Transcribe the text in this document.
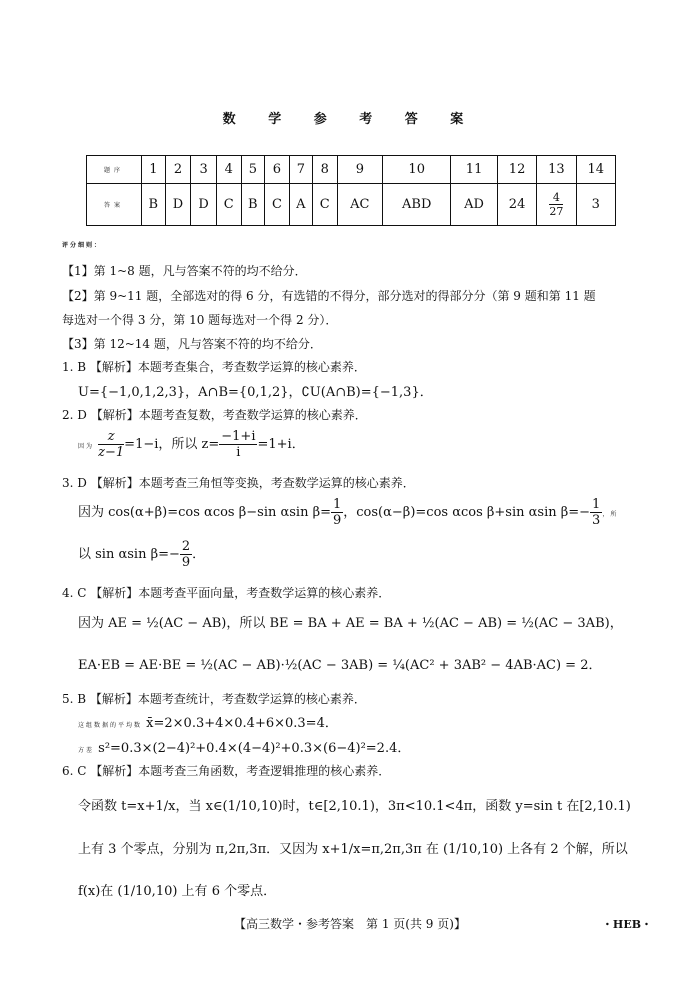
数 学 参 考 答 案
题序	1	2	3	4	5	6	7	8	9	10	11	12	13	14
答案	B	D	D	C	B	C	A	C	AC	ABD	AD	24	$\frac{4}{27}$	3
评分细则：
【1】第 1~8 题，凡与答案不符的均不给分．
【2】第 9~11 题，全部选对的得 6 分，有选错的不得分，部分选对的得部分分（第 9 题和第 11 题
每选对一个得 3 分，第 10 题每选对一个得 2 分）．
【3】第 12~14 题，凡与答案不符的均不给分．
1. B 【解析】本题考查集合，考查数学运算的核心素养．
U={−1,0,1,2,3}，A∩B={0,1,2}，∁U(A∩B)={−1,3}．
2. D 【解析】本题考查复数，考查数学运算的核心素养．
因为 $\frac{z}{z-1} =1-i$，所以 $z= \frac{-1+i}{i} =1+i$．
3. D 【解析】本题考查三角恒等变换，考查数学运算的核心素养．
因为 cos(α+β)=cos αcos β−sin αsin $\beta= \frac{1}{9}$ ，cos(α−β)=cos αcos β+sin αsin $\beta=- \frac{1}{3}$ ，所
以 sin αsin $\beta=- \frac{2}{9}$ ．
4. C 【解析】本题考查平面向量，考查数学运算的核心素养．
因为 AE = ½(AC − AB)，所以 BE = BA + AE = BA + ½(AC − AB) = ½(AC − 3AB)，
EA·EB = AE·BE = ½(AC − AB)·½(AC − 3AB) = ¼(AC² + 3AB² − 4AB·AC) = 2．
5. B 【解析】本题考查统计，考查数学运算的核心素养．
这组数据的平均数 x̄=2×0.3+4×0.4+6×0.3=4．
方差 s²=0.3×(2−4)²+0.4×(4−4)²+0.3×(6−4)²=2.4．
6. C 【解析】本题考查三角函数，考查逻辑推理的核心素养．
令函数 t=x+1/x，当 x∈(1/10,10)时，t∈[2,10.1)，3π<10.1<4π，函数 y=sin t 在[2,10.1)
上有 3 个零点，分别为 π,2π,3π．又因为 x+1/x=π,2π,3π 在 (1/10,10) 上各有 2 个解，所以
f(x)在 (1/10,10) 上有 6 个零点．
【高三数学・参考答案　第 1 页(共 9 页)】	・HEB・
